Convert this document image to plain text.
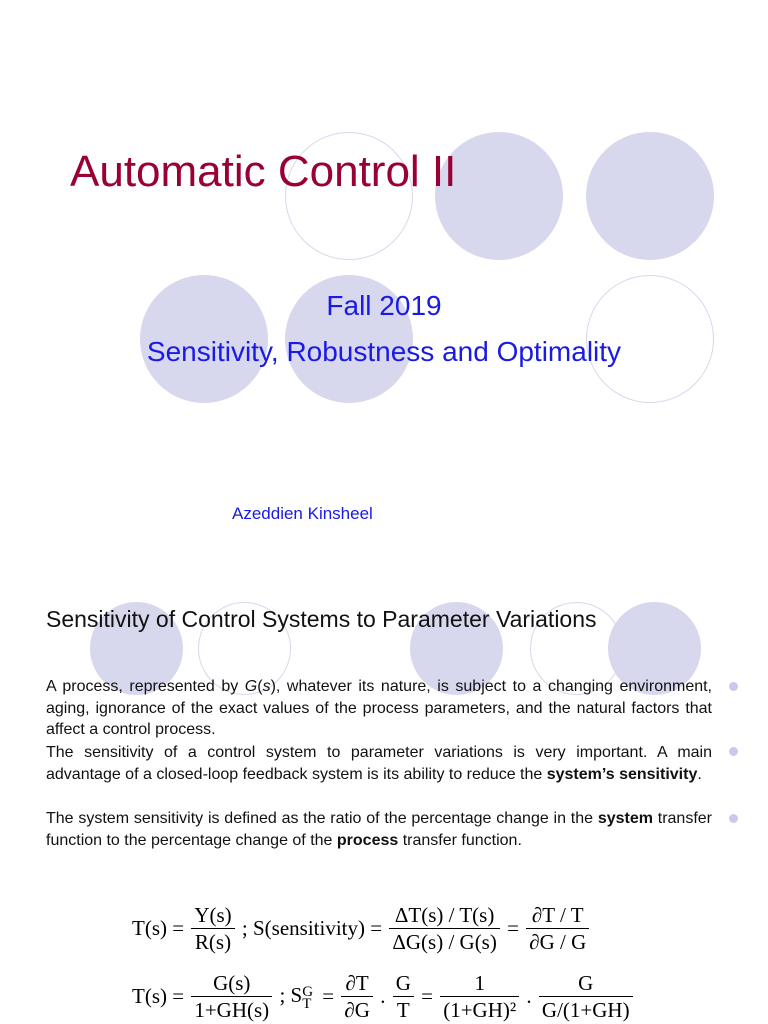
Automatic Control II
Fall 2019
Sensitivity, Robustness and Optimality
Azeddien Kinsheel
Sensitivity of Control Systems to Parameter Variations
A process, represented by G(s), whatever its nature, is subject to a changing environment, aging, ignorance of the exact values of the process parameters, and the natural factors that affect a control process.
The sensitivity of a control system to parameter variations is very important. A main advantage of a closed-loop feedback system is its ability to reduce the system’s sensitivity.
The system sensitivity is defined as the ratio of the percentage change in the system transfer function to the percentage change of the process transfer function.
$T(s) = \frac{Y(s)}{R(s)}$ ; S(sensitivity) = $\frac{\Delta T(s) / T(s)}{\Delta G(s) / G(s)} = \frac{\partial T / T}{\partial G / G}$
$T(s) = \frac{G(s)}{1+GH(s)}$ ; S G
$T = \frac{\partial T}{\partial G}$ . $\frac{G}{T} = \frac{1}{\text{(1+GH)²}}$ . $\frac{G}{G/(1+GH)}$
